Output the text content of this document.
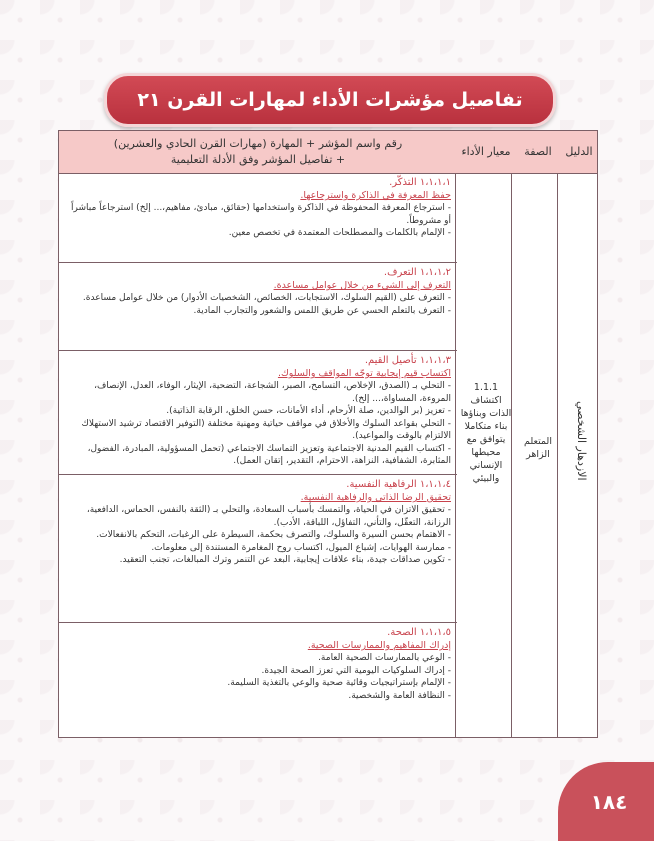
تفاصيل مؤشرات الأداء لمهارات القرن ٢١
الدليل
الصفة
معيار الأداء
رقم واسم المؤشر + المهارة (مهارات القرن الحادي والعشرين)
+ تفاصيل المؤشر وفق الأدلة التعليمية
الازدهار الشخصي
المتعلم الزاهر
1.1.1 اكتشاف الذات وبناؤها بناء متكاملا يتوافق مع محيطها الإنساني والبيئي
١،١،١،١ التذكّر.
حفظ المعرفة في الذاكرة واسترجاعها.
- استرجاع المعرفة المحفوظة في الذاكرة واستخدامها (حقائق، مبادئ، مفاهيم،... إلخ) استرجاعاً مباشراً أو مشروطاً.
- الإلمام بالكلمات والمصطلحات المعتمدة في تخصص معين.
١،١،١،٢ التعرف.
التعرف إلى الشيء من خلال عوامل مساعدة.
- التعرف على (القيم السلوك، الاستجابات، الخصائص، الشخصيات الأدوار) من خلال عوامل مساعدة.
- التعرف بالتعلم الحسي عن طريق اللمس والشعور والتجارب المادية.
١،١،١،٣ تأصيل القيم.
اكتساب قيم إيجابية توجّه المواقف والسلوك.
- التحلي بـ (الصدق، الإخلاص، التسامح، الصبر، الشجاعة، التضحية، الإيثار، الوفاء، العدل، الإنصاف، المروءة، المساواة،... إلخ).
- تعزيز (بر الوالدين، صلة الأرحام، أداء الأمانات، حسن الخلق، الرقابة الذاتية).
- التحلي بقواعد السلوك والأخلاق في مواقف حياتية ومهنية مختلفة (التوفير الاقتصاد ترشيد الاستهلاك الالتزام بالوقت والمواعيد).
- اكتساب القيم المدنية الاجتماعية وتعزيز التماسك الاجتماعي (تحمل المسؤولية، المبادرة، الفضول، المثابرة، الشفافية، النزاهة، الاحترام، التقدير، إتقان العمل).
١،١،١،٤ الرفاهية النفسية.
تحقيق الرضا الذاتي والرفاهية النفسية.
- تحقيق الاتزان في الحياة، والتمسك بأسباب السعادة، والتحلي بـ (الثقة بالنفس، الحماس، الدافعية، الرزانة، التعقّل، والتأني، التفاؤل، اللباقة، الأدب).
- الاهتمام بحسن السيرة والسلوك، والتصرف بحكمة، السيطرة على الرغبات، التحكم بالانفعالات.
- ممارسة الهوايات، إشباع الميول، اكتساب روح المغامرة المستندة إلى معلومات.
- تكوين صداقات جيدة، بناء علاقات إيجابية، البعد عن التنمر وترك المبالغات، تجنب التعقيد.
١،١،١،٥ الصحة.
إدراك المفاهيم والممارسات الصحية.
- الوعي بالممارسات الصحية العامة.
- إدراك السلوكيات اليومية التي تعزز الصحة الجيدة.
- الإلمام بإستراتيجيات وقائية صحية والوعي بالتغذية السليمة.
- النظافة العامة والشخصية.
١٨٤
